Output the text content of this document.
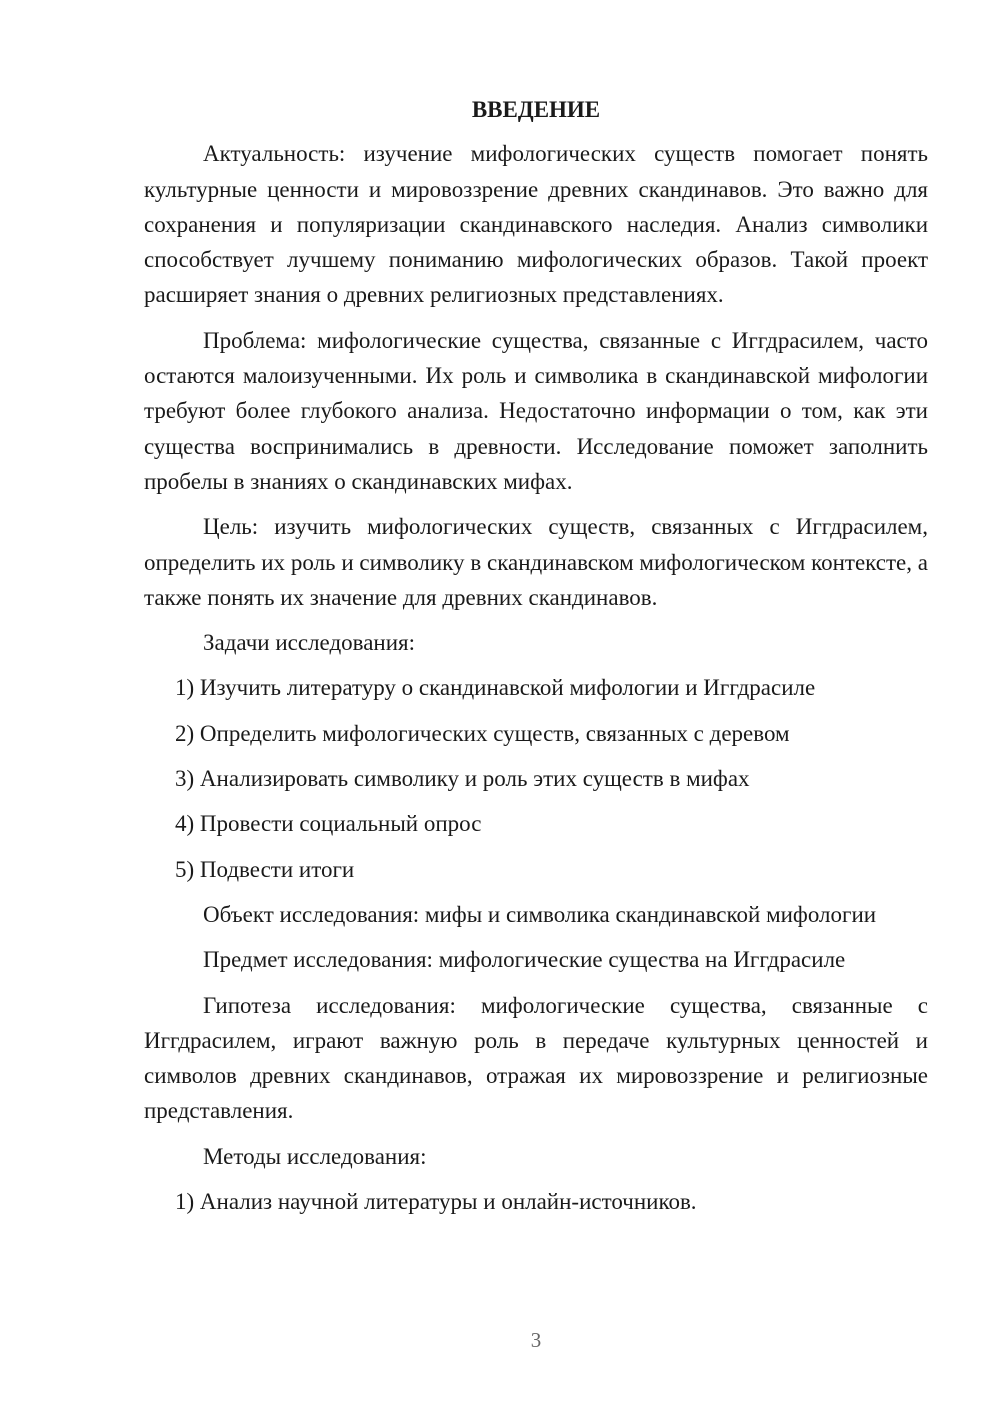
ВВЕДЕНИЕ

Актуальность: изучение мифологических существ помогает понять культурные ценности и мировоззрение древних скандинавов. Это важно для сохранения и популяризации скандинавского наследия. Анализ символики способствует лучшему пониманию мифологических образов. Такой проект расширяет знания о древних религиозных представлениях.

Проблема: мифологические существа, связанные с Иггдрасилем, часто остаются малоизученными. Их роль и символика в скандинавской мифологии требуют более глубокого анализа. Недостаточно информации о том, как эти существа воспринимались в древности. Исследование поможет заполнить пробелы в знаниях о скандинавских мифах.

Цель: изучить мифологических существ, связанных с Иггдрасилем, определить их роль и символику в скандинавском мифологическом контексте, а также понять их значение для древних скандинавов.

Задачи исследования:

1) Изучить литературу о скандинавской мифологии и Иггдрасиле

2) Определить мифологических существ, связанных с деревом

3) Анализировать символику и роль этих существ в мифах

4) Провести социальный опрос

5) Подвести итоги

Объект исследования: мифы и символика скандинавской мифологии

Предмет исследования: мифологические существа на Иггдрасиле

Гипотеза исследования: мифологические существа, связанные с Иггдрасилем, играют важную роль в передаче культурных ценностей и символов древних скандинавов, отражая их мировоззрение и религиозные представления.

Методы исследования:

1) Анализ научной литературы и онлайн-источников.

3
